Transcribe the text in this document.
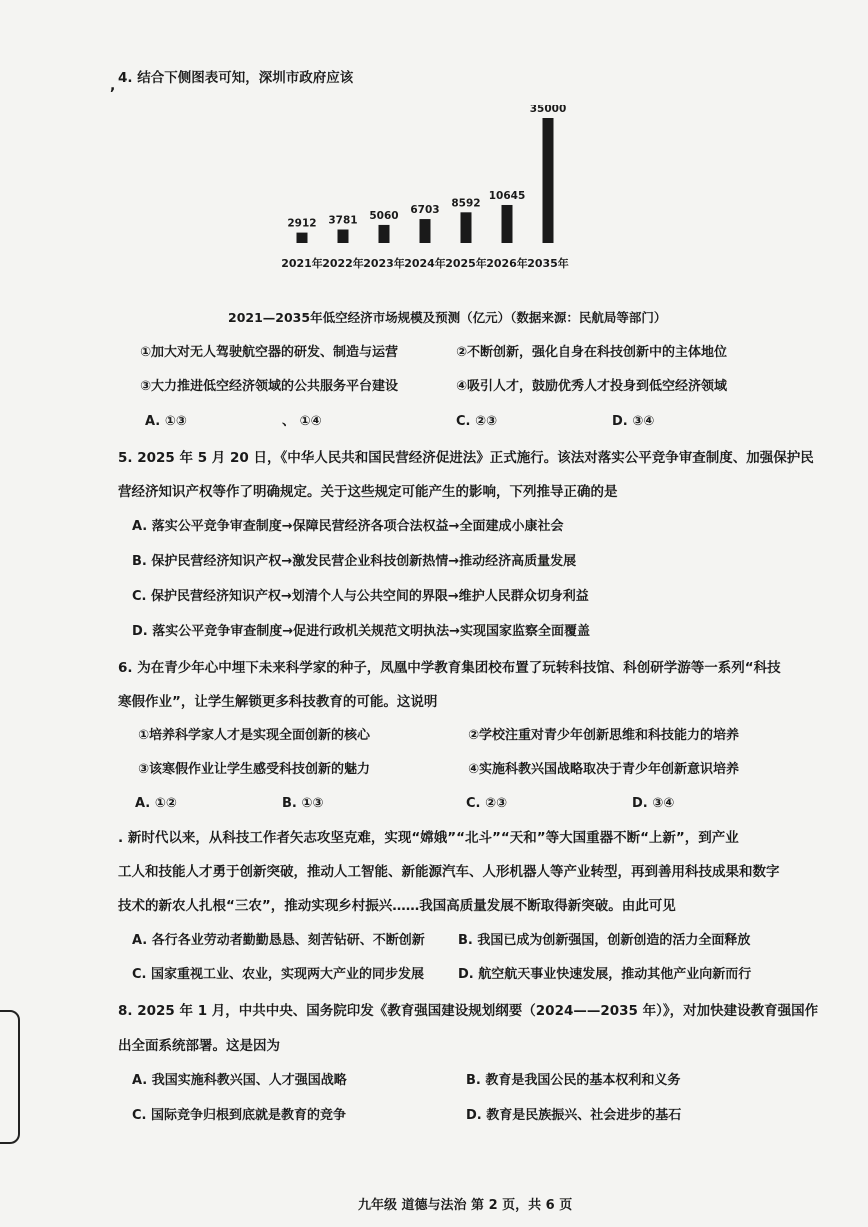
, 4. 结合下侧图表可知，深圳市政府应该
2912
2021年
3781
2022年
5060
2023年
6703
2024年
8592
2025年
10645
2026年
35000
2035年
2021—2035年低空经济市场规模及预测（亿元）（数据来源：民航局等部门）
①加大对无人驾驶航空器的研发、制造与运营	②不断创新，强化自身在科技创新中的主体地位
③大力推进低空经济领域的公共服务平台建设	④吸引人才，鼓励优秀人才投身到低空经济领域
A. ①③	、 ①④	C. ②③	D. ③④
5. 2025 年 5 月 20 日，《中华人民共和国民营经济促进法》正式施行。该法对落实公平竞争审查制度、加强保护民
营经济知识产权等作了明确规定。关于这些规定可能产生的影响，下列推导正确的是
A. 落实公平竞争审查制度→保障民营经济各项合法权益→全面建成小康社会
B. 保护民营经济知识产权→激发民营企业科技创新热情→推动经济高质量发展
C. 保护民营经济知识产权→划清个人与公共空间的界限→维护人民群众切身利益
D. 落实公平竞争审查制度→促进行政机关规范文明执法→实现国家监察全面覆盖
6. 为在青少年心中埋下未来科学家的种子，凤凰中学教育集团校布置了玩转科技馆、科创研学游等一系列“科技
寒假作业”，让学生解锁更多科技教育的可能。这说明
①培养科学家人才是实现全面创新的核心	②学校注重对青少年创新思维和科技能力的培养
③该寒假作业让学生感受科技创新的魅力	④实施科教兴国战略取决于青少年创新意识培养
A. ①②	B. ①③	C. ②③	D. ③④
. 新时代以来，从科技工作者矢志攻坚克难，实现“嫦娥”“北斗”“天和”等大国重器不断“上新”，到产业
工人和技能人才勇于创新突破，推动人工智能、新能源汽车、人形机器人等产业转型，再到善用科技成果和数字
技术的新农人扎根“三农”，推动实现乡村振兴……我国高质量发展不断取得新突破。由此可见
A. 各行各业劳动者勤勤恳恳、刻苦钻研、不断创新	B. 我国已成为创新强国，创新创造的活力全面释放
C. 国家重视工业、农业，实现两大产业的同步发展	D. 航空航天事业快速发展，推动其他产业向新而行
8. 2025 年 1 月，中共中央、国务院印发《教育强国建设规划纲要（2024——2035 年）》，对加快建设教育强国作
出全面系统部署。这是因为
A. 我国实施科教兴国、人才强国战略	B. 教育是我国公民的基本权利和义务
C. 国际竞争归根到底就是教育的竞争	D. 教育是民族振兴、社会进步的基石
九年级 道德与法治 第 2 页，共 6 页
